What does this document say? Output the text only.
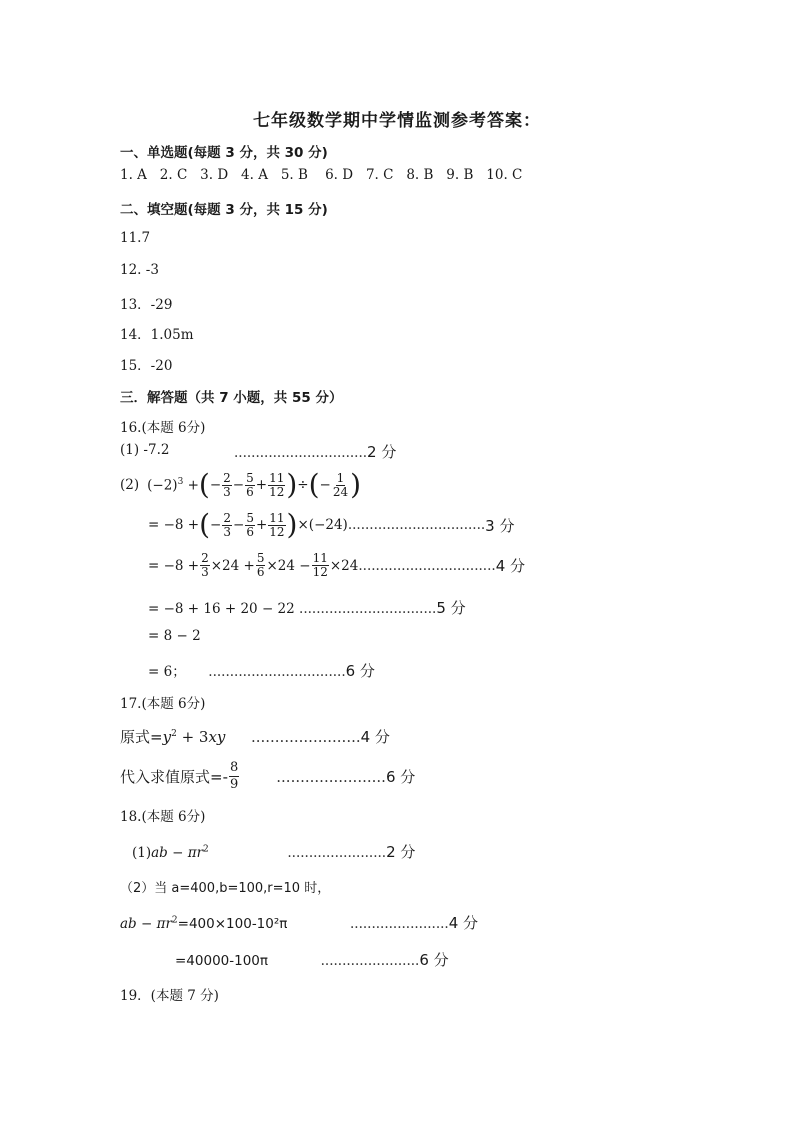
七年级数学期中学情监测参考答案：
一、单选题(每题 3 分，共 30 分)
1. A   2. C   3. D   4. A   5. B    6. D   7. C   8. B   9. B   10. C
二、填空题(每题 3 分，共 15 分)
11.7
12. -3
13．-29
14．1.05m
15．-20
三．解答题（共 7 小题，共 55 分）
16.(本题 6分)
(1) -7.2	...............................2 分
(2) $(-2)^3$ + ( − $\frac{2}{3} - \frac{5}{6} + \frac{11}{12}$ ) ÷ ( − $\frac{1}{24}$ )
= −8 + ( − $\frac{2}{3} - \frac{5}{6} + \frac{11}{12}$ ) ×(−24) ................................ 3 分
= $-8 + \frac{2}{3} \times 24 + \frac{5}{6} \times 24 - \frac{11}{12} \times 24$ ................................ 4 分
= −8 + 16 + 20 − 22 ................................5 分
= 8 − 2
= 6； ................................6 分
17.(本题 6分)
原式$=y^2 + 3xy$ .......................4 分
代入求值原式=- $\frac{8}{9}$ ....................... 6 分
18.(本题 6分)
$(1)ab - \pi r^2$	.......................2 分
（2）当 a=400,b=100,r=10 时，
ab − $\pi r^2=400\times 100-10^2\pi$	.......................4 分
=40000-100π	.......................6 分
19．(本题 7 分)
